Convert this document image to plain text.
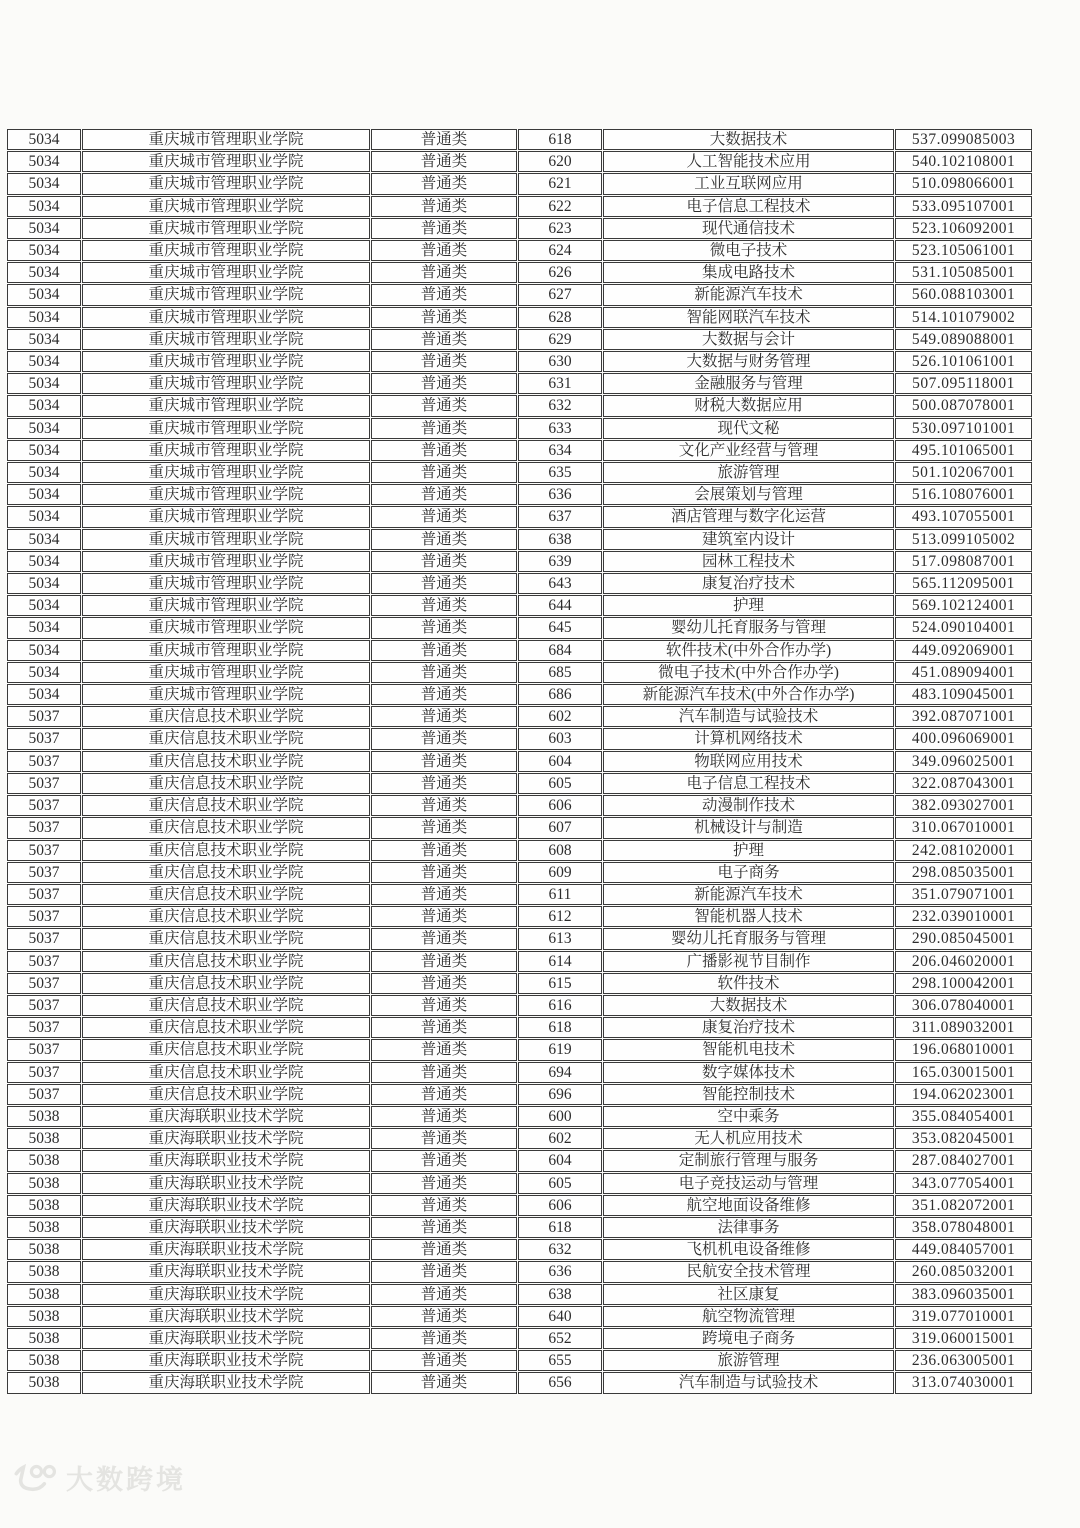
5034	重庆城市管理职业学院	普通类	618	大数据技术	537.099085003
5034	重庆城市管理职业学院	普通类	620	人工智能技术应用	540.102108001
5034	重庆城市管理职业学院	普通类	621	工业互联网应用	510.098066001
5034	重庆城市管理职业学院	普通类	622	电子信息工程技术	533.095107001
5034	重庆城市管理职业学院	普通类	623	现代通信技术	523.106092001
5034	重庆城市管理职业学院	普通类	624	微电子技术	523.105061001
5034	重庆城市管理职业学院	普通类	626	集成电路技术	531.105085001
5034	重庆城市管理职业学院	普通类	627	新能源汽车技术	560.088103001
5034	重庆城市管理职业学院	普通类	628	智能网联汽车技术	514.101079002
5034	重庆城市管理职业学院	普通类	629	大数据与会计	549.089088001
5034	重庆城市管理职业学院	普通类	630	大数据与财务管理	526.101061001
5034	重庆城市管理职业学院	普通类	631	金融服务与管理	507.095118001
5034	重庆城市管理职业学院	普通类	632	财税大数据应用	500.087078001
5034	重庆城市管理职业学院	普通类	633	现代文秘	530.097101001
5034	重庆城市管理职业学院	普通类	634	文化产业经营与管理	495.101065001
5034	重庆城市管理职业学院	普通类	635	旅游管理	501.102067001
5034	重庆城市管理职业学院	普通类	636	会展策划与管理	516.108076001
5034	重庆城市管理职业学院	普通类	637	酒店管理与数字化运营	493.107055001
5034	重庆城市管理职业学院	普通类	638	建筑室内设计	513.099105002
5034	重庆城市管理职业学院	普通类	639	园林工程技术	517.098087001
5034	重庆城市管理职业学院	普通类	643	康复治疗技术	565.112095001
5034	重庆城市管理职业学院	普通类	644	护理	569.102124001
5034	重庆城市管理职业学院	普通类	645	婴幼儿托育服务与管理	524.090104001
5034	重庆城市管理职业学院	普通类	684	软件技术(中外合作办学)	449.092069001
5034	重庆城市管理职业学院	普通类	685	微电子技术(中外合作办学)	451.089094001
5034	重庆城市管理职业学院	普通类	686	新能源汽车技术(中外合作办学)	483.109045001
5037	重庆信息技术职业学院	普通类	602	汽车制造与试验技术	392.087071001
5037	重庆信息技术职业学院	普通类	603	计算机网络技术	400.096069001
5037	重庆信息技术职业学院	普通类	604	物联网应用技术	349.096025001
5037	重庆信息技术职业学院	普通类	605	电子信息工程技术	322.087043001
5037	重庆信息技术职业学院	普通类	606	动漫制作技术	382.093027001
5037	重庆信息技术职业学院	普通类	607	机械设计与制造	310.067010001
5037	重庆信息技术职业学院	普通类	608	护理	242.081020001
5037	重庆信息技术职业学院	普通类	609	电子商务	298.085035001
5037	重庆信息技术职业学院	普通类	611	新能源汽车技术	351.079071001
5037	重庆信息技术职业学院	普通类	612	智能机器人技术	232.039010001
5037	重庆信息技术职业学院	普通类	613	婴幼儿托育服务与管理	290.085045001
5037	重庆信息技术职业学院	普通类	614	广播影视节目制作	206.046020001
5037	重庆信息技术职业学院	普通类	615	软件技术	298.100042001
5037	重庆信息技术职业学院	普通类	616	大数据技术	306.078040001
5037	重庆信息技术职业学院	普通类	618	康复治疗技术	311.089032001
5037	重庆信息技术职业学院	普通类	619	智能机电技术	196.068010001
5037	重庆信息技术职业学院	普通类	694	数字媒体技术	165.030015001
5037	重庆信息技术职业学院	普通类	696	智能控制技术	194.062023001
5038	重庆海联职业技术学院	普通类	600	空中乘务	355.084054001
5038	重庆海联职业技术学院	普通类	602	无人机应用技术	353.082045001
5038	重庆海联职业技术学院	普通类	604	定制旅行管理与服务	287.084027001
5038	重庆海联职业技术学院	普通类	605	电子竞技运动与管理	343.077054001
5038	重庆海联职业技术学院	普通类	606	航空地面设备维修	351.082072001
5038	重庆海联职业技术学院	普通类	618	法律事务	358.078048001
5038	重庆海联职业技术学院	普通类	632	飞机机电设备维修	449.084057001
5038	重庆海联职业技术学院	普通类	636	民航安全技术管理	260.085032001
5038	重庆海联职业技术学院	普通类	638	社区康复	383.096035001
5038	重庆海联职业技术学院	普通类	640	航空物流管理	319.077010001
5038	重庆海联职业技术学院	普通类	652	跨境电子商务	319.060015001
5038	重庆海联职业技术学院	普通类	655	旅游管理	236.063005001
5038	重庆海联职业技术学院	普通类	656	汽车制造与试验技术	313.074030001
大数跨境
